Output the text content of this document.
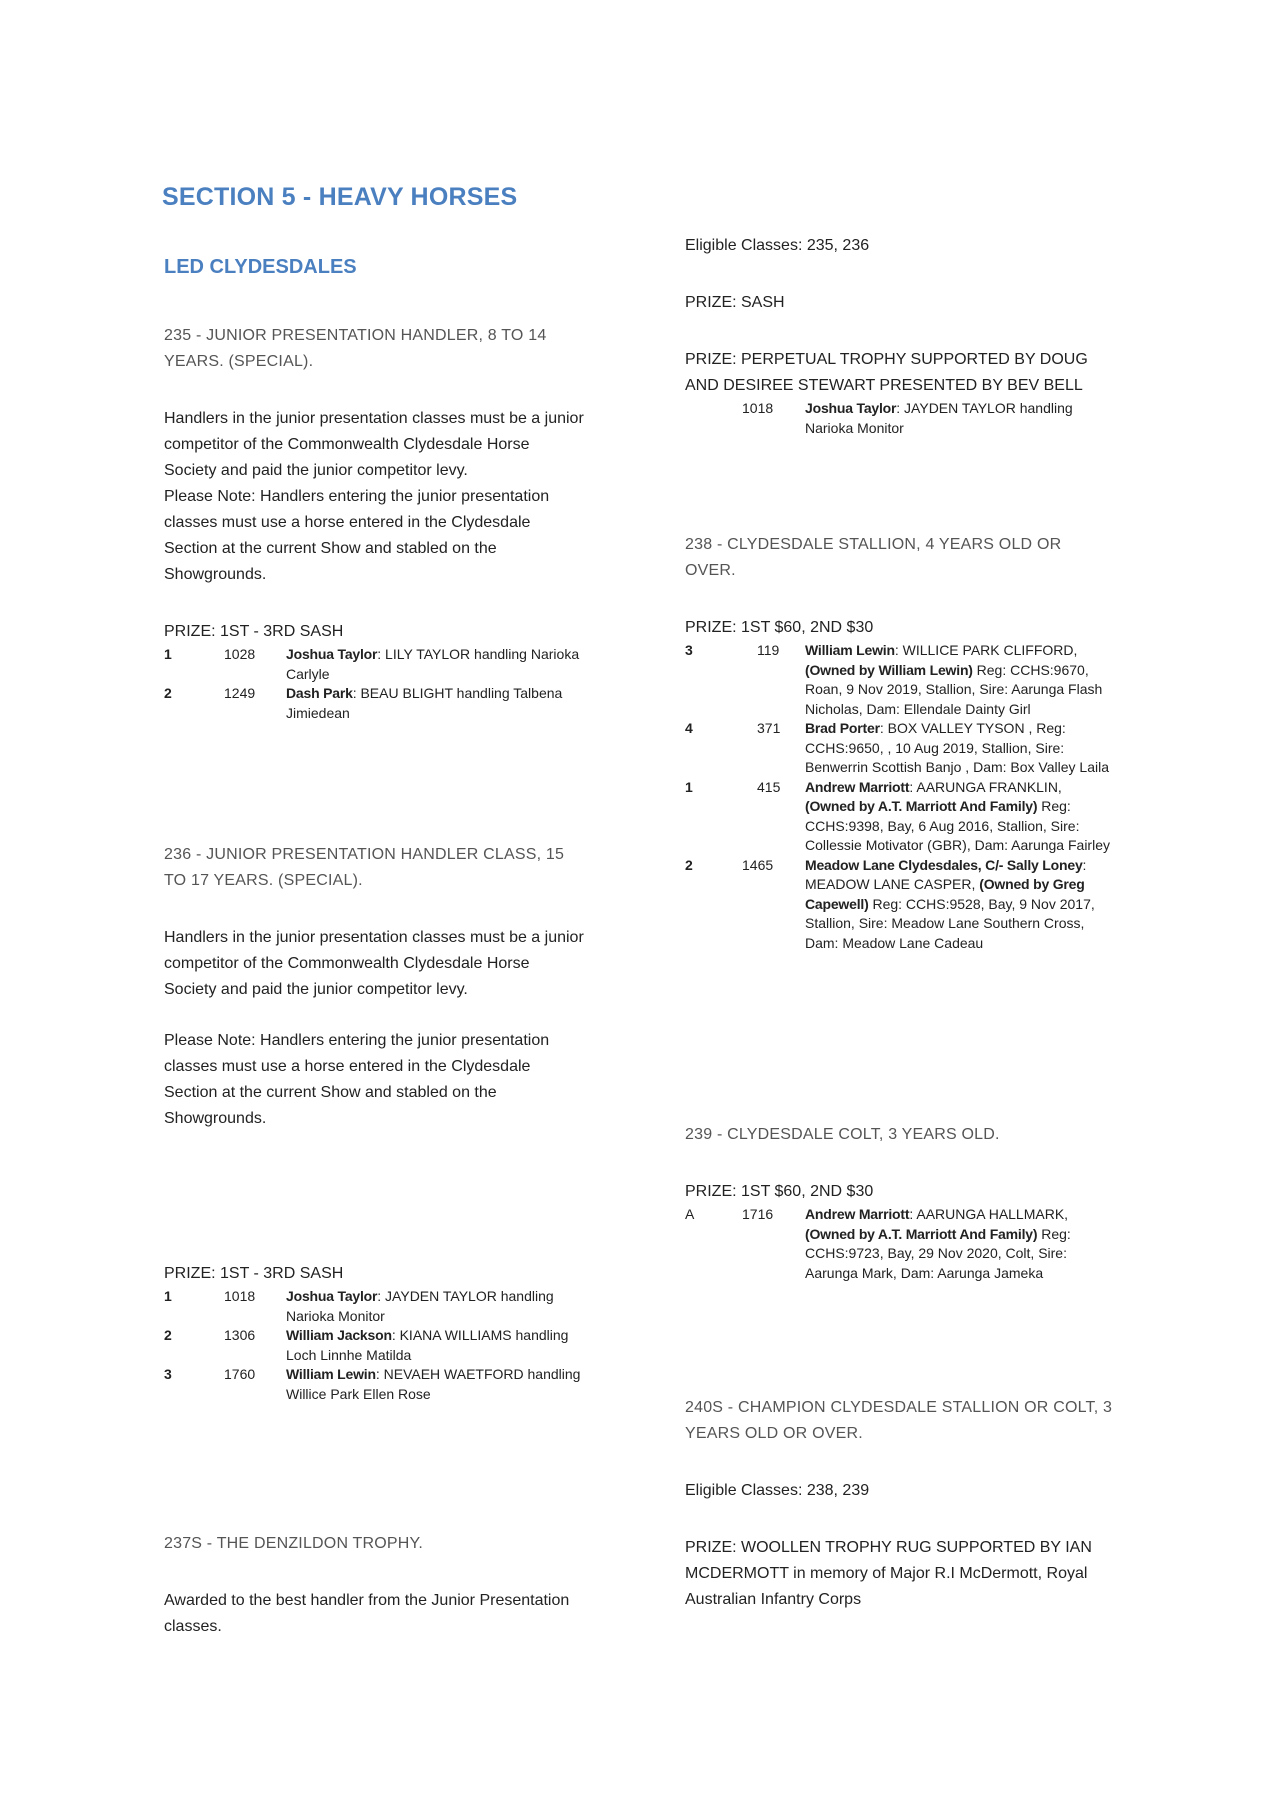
SECTION 5 - HEAVY HORSES
LED CLYDESDALES

235 - JUNIOR PRESENTATION HANDLER, 8 TO 14 YEARS. (SPECIAL).

Handlers in the junior presentation classes must be a junior competitor of the Commonwealth Clydesdale Horse Society and paid the junior competitor levy.

Please Note: Handlers entering the junior presentation classes must use a horse entered in the Clydesdale Section at the current Show and stabled on the Showgrounds.

PRIZE: 1ST - 3RD SASH

1	1028 Joshua Taylor: LILY TAYLOR handling Narioka Carlyle
2	1249 Dash Park: BEAU BLIGHT handling Talbena Jimiedean

236 - JUNIOR PRESENTATION HANDLER CLASS, 15 TO 17 YEARS. (SPECIAL).

Handlers in the junior presentation classes must be a junior competitor of the Commonwealth Clydesdale Horse Society and paid the junior competitor levy.

Please Note: Handlers entering the junior presentation classes must use a horse entered in the Clydesdale Section at the current Show and stabled on the Showgrounds.

PRIZE: 1ST - 3RD SASH

1	1018 Joshua Taylor: JAYDEN TAYLOR handling Narioka Monitor
2	1306 William Jackson: KIANA WILLIAMS handling Loch Linnhe Matilda
3	1760 William Lewin: NEVAEH WAETFORD handling Willice Park Ellen Rose

237S - THE DENZILDON TROPHY.

Awarded to the best handler from the Junior Presentation classes.

Eligible Classes: 235, 236

PRIZE: SASH

PRIZE: PERPETUAL TROPHY SUPPORTED BY DOUG AND DESIREE STEWART PRESENTED BY BEV BELL

1018 Joshua Taylor: JAYDEN TAYLOR handling Narioka Monitor

238 - CLYDESDALE STALLION, 4 YEARS OLD OR OVER.

PRIZE: 1ST $60, 2ND $30

3	119 William Lewin: WILLICE PARK CLIFFORD, (Owned by William Lewin) Reg: CCHS:9670, Roan, 9 Nov 2019, Stallion, Sire: Aarunga Flash Nicholas, Dam: Ellendale Dainty Girl
4	371 Brad Porter: BOX VALLEY TYSON , Reg: CCHS:9650, , 10 Aug 2019, Stallion, Sire: Benwerrin Scottish Banjo , Dam: Box Valley Laila
1	415 Andrew Marriott: AARUNGA FRANKLIN, (Owned by A.T. Marriott And Family) Reg: CCHS:9398, Bay, 6 Aug 2016, Stallion, Sire: Collessie Motivator (GBR), Dam: Aarunga Fairley
2	1465 Meadow Lane Clydesdales, C/- Sally Loney: MEADOW LANE CASPER, (Owned by Greg Capewell) Reg: CCHS:9528, Bay, 9 Nov 2017, Stallion, Sire: Meadow Lane Southern Cross, Dam: Meadow Lane Cadeau

239 - CLYDESDALE COLT, 3 YEARS OLD.

PRIZE: 1ST $60, 2ND $30

A	1716 Andrew Marriott: AARUNGA HALLMARK, (Owned by A.T. Marriott And Family) Reg: CCHS:9723, Bay, 29 Nov 2020, Colt, Sire: Aarunga Mark, Dam: Aarunga Jameka

240S - CHAMPION CLYDESDALE STALLION OR COLT, 3 YEARS OLD OR OVER.

Eligible Classes: 238, 239

PRIZE: WOOLLEN TROPHY RUG SUPPORTED BY IAN MCDERMOTT in memory of Major R.I McDermott, Royal Australian Infantry Corps
